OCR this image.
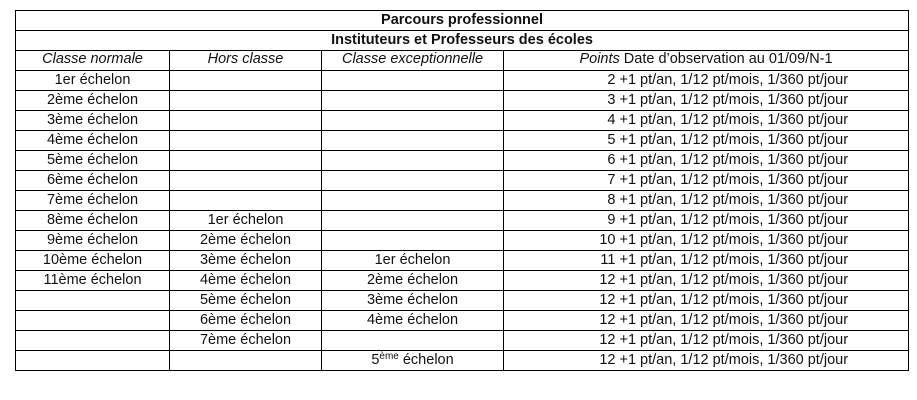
Parcours professionnel			
Instituteurs et Professeurs des écoles			
Classe normale	Hors classe	Classe exceptionnelle	Points Date d’observation au 01/09/N-1
1er échelon			2 +1 pt/an, 1/12 pt/mois, 1/360 pt/jour
2ème échelon			3 +1 pt/an, 1/12 pt/mois, 1/360 pt/jour
3ème échelon			4 +1 pt/an, 1/12 pt/mois, 1/360 pt/jour
4ème échelon			5 +1 pt/an, 1/12 pt/mois, 1/360 pt/jour
5ème échelon			6 +1 pt/an, 1/12 pt/mois, 1/360 pt/jour
6ème échelon			7 +1 pt/an, 1/12 pt/mois, 1/360 pt/jour
7ème échelon			8 +1 pt/an, 1/12 pt/mois, 1/360 pt/jour
8ème échelon	1er échelon		9 +1 pt/an, 1/12 pt/mois, 1/360 pt/jour
9ème échelon	2ème échelon		10 +1 pt/an, 1/12 pt/mois, 1/360 pt/jour
10ème échelon	3ème échelon	1er échelon	11 +1 pt/an, 1/12 pt/mois, 1/360 pt/jour
11ème échelon	4ème échelon	2ème échelon	12 +1 pt/an, 1/12 pt/mois, 1/360 pt/jour
	5ème échelon	3ème échelon	12 +1 pt/an, 1/12 pt/mois, 1/360 pt/jour
	6ème échelon	4ème échelon	12 +1 pt/an, 1/12 pt/mois, 1/360 pt/jour
	7ème échelon		12 +1 pt/an, 1/12 pt/mois, 1/360 pt/jour
		5ème échelon	12 +1 pt/an, 1/12 pt/mois, 1/360 pt/jour
